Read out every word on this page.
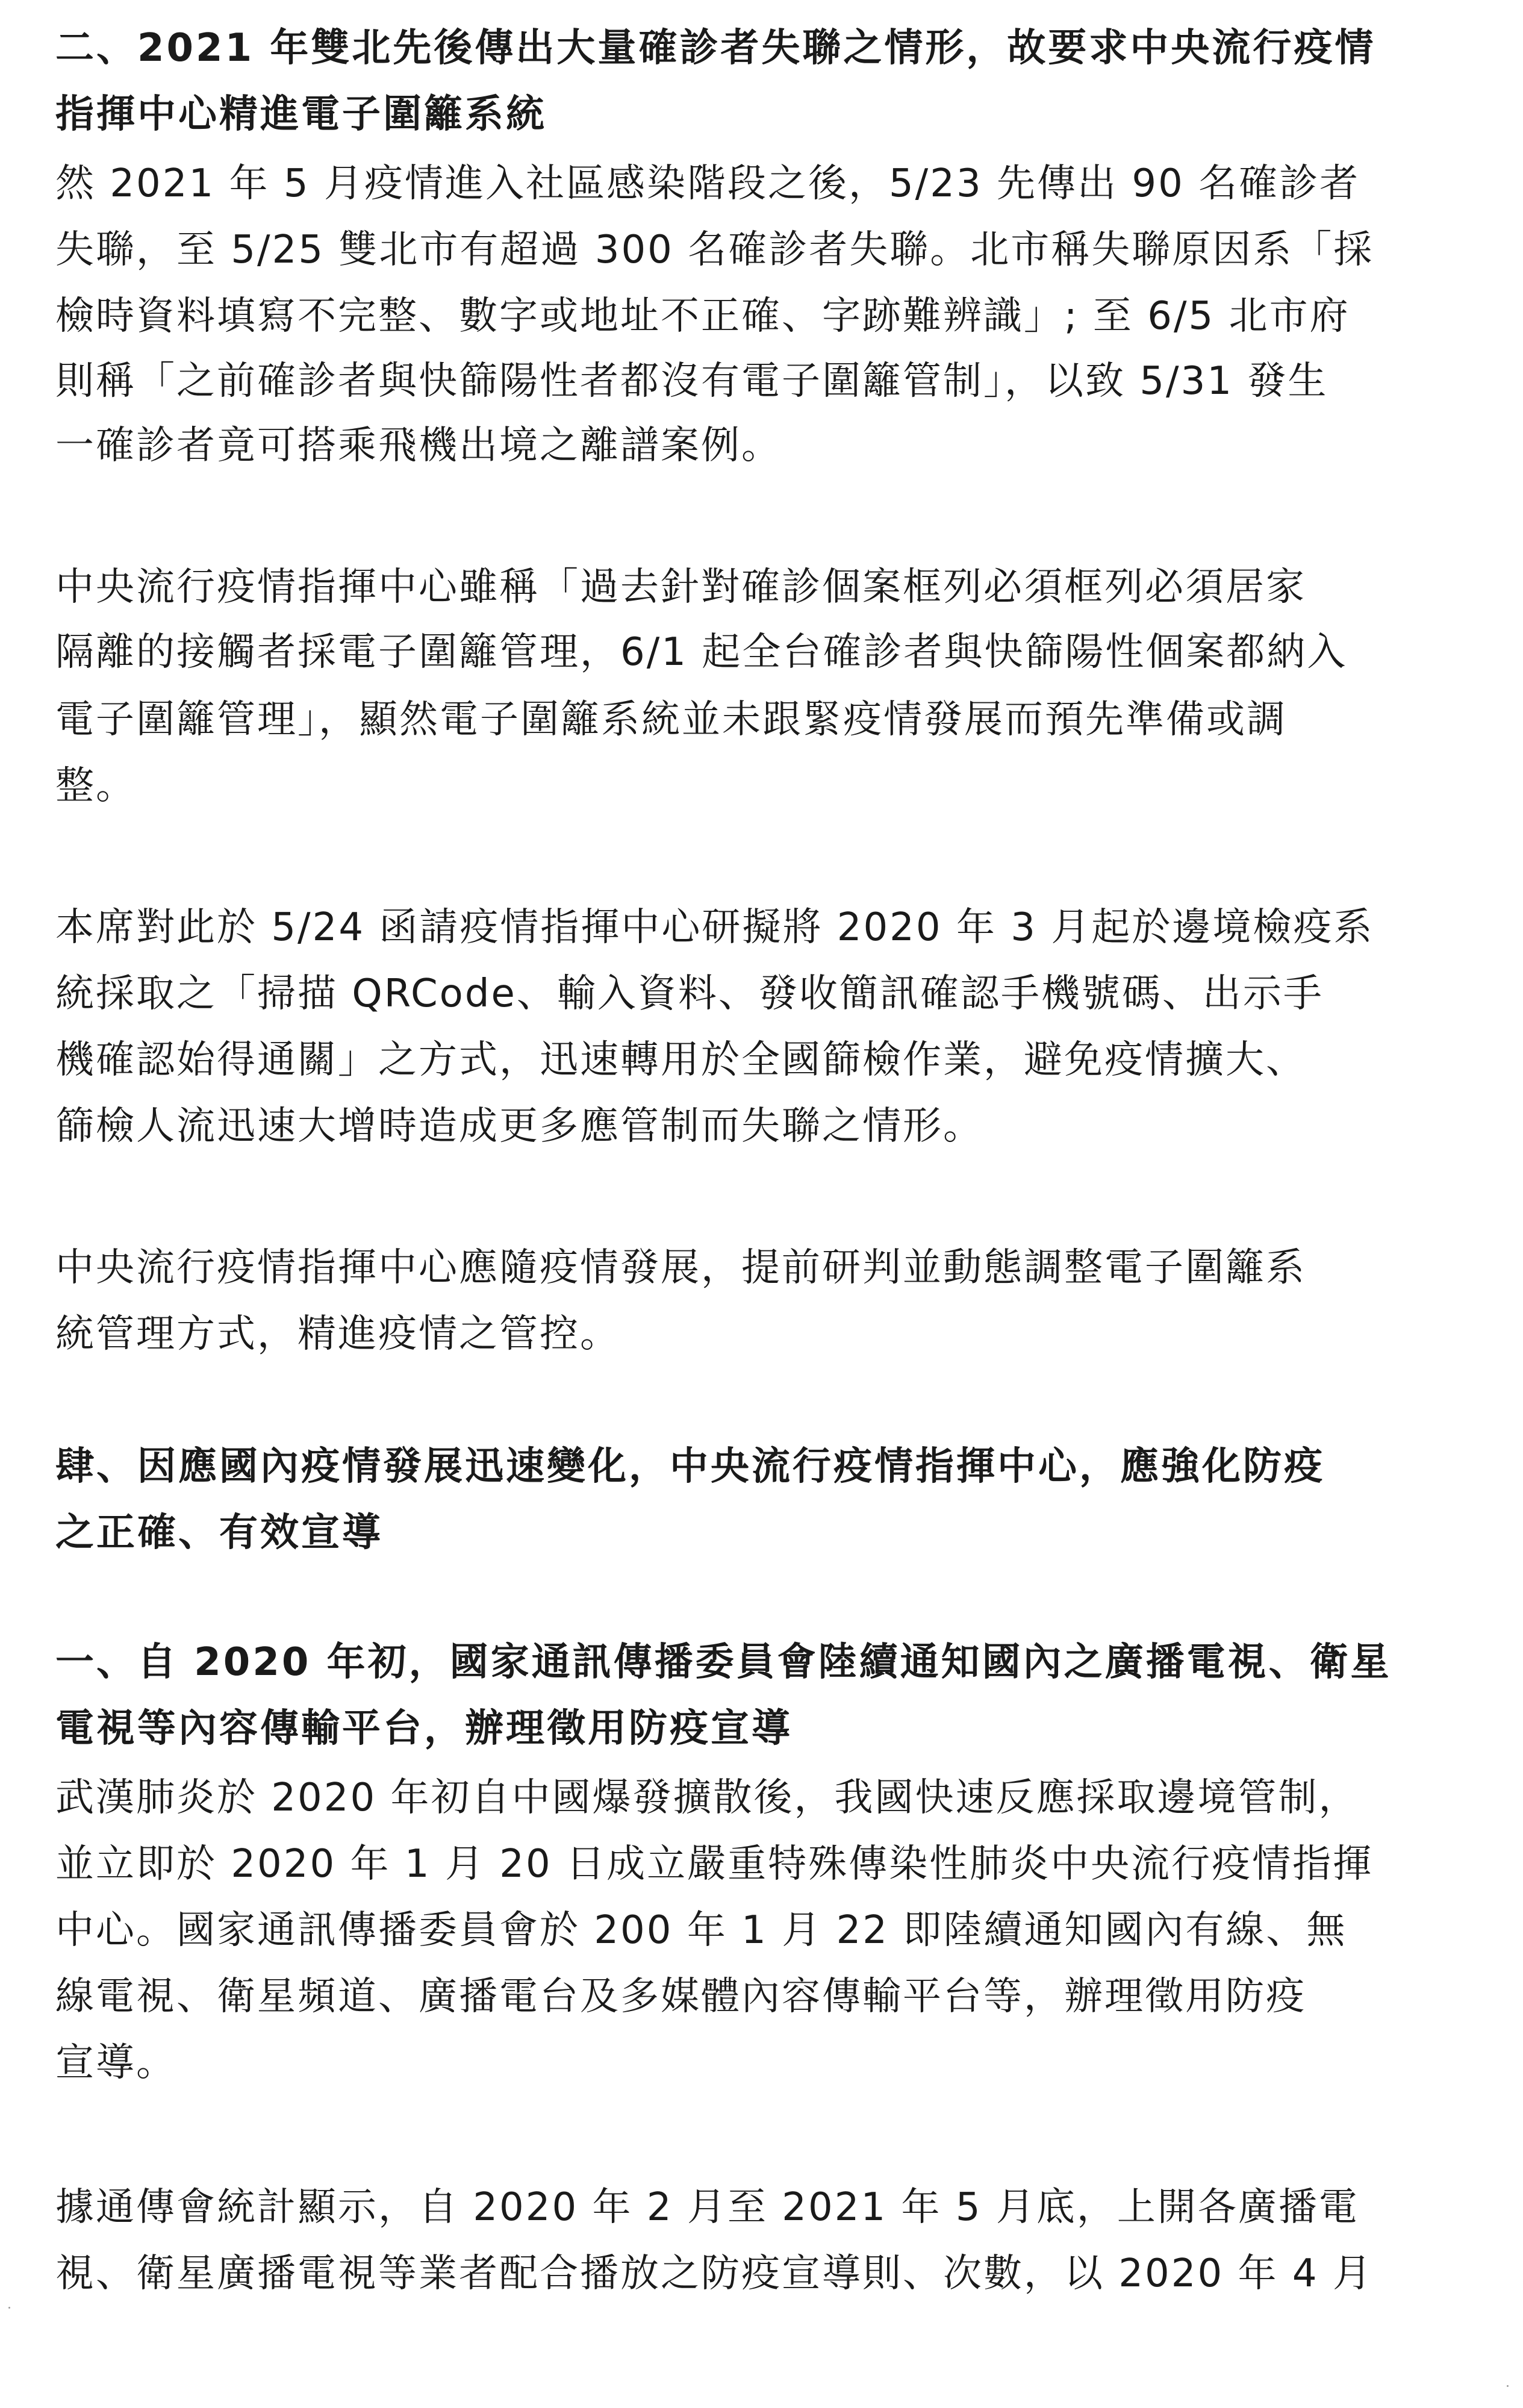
二、2021 年雙北先後傳出大量確診者失聯之情形，故要求中央流行疫情
指揮中心精進電子圍籬系統
然 2021 年 5 月疫情進入社區感染階段之後，5/23 先傳出 90 名確診者
失聯，至 5/25 雙北市有超過 300 名確診者失聯。北市稱失聯原因系「採
檢時資料填寫不完整、數字或地址不正確、字跡難辨識」; 至 6/5 北市府
則稱「之前確診者與快篩陽性者都沒有電子圍籬管制」，以致 5/31 發生
一確診者竟可搭乘飛機出境之離譜案例。
中央流行疫情指揮中心雖稱「過去針對確診個案框列必須框列必須居家
隔離的接觸者採電子圍籬管理，6/1 起全台確診者與快篩陽性個案都納入
電子圍籬管理」，顯然電子圍籬系統並未跟緊疫情發展而預先準備或調
整。
本席對此於 5/24 函請疫情指揮中心研擬將 2020 年 3 月起於邊境檢疫系
統採取之「掃描 QRCode、輸入資料、發收簡訊確認手機號碼、出示手
機確認始得通關」之方式，迅速轉用於全國篩檢作業，避免疫情擴大、
篩檢人流迅速大增時造成更多應管制而失聯之情形。
中央流行疫情指揮中心應隨疫情發展，提前研判並動態調整電子圍籬系
統管理方式，精進疫情之管控。
肆、因應國內疫情發展迅速變化，中央流行疫情指揮中心，應強化防疫
之正確、有效宣導
一、自 2020 年初，國家通訊傳播委員會陸續通知國內之廣播電視、衛星
電視等內容傳輸平台，辦理徵用防疫宣導
武漢肺炎於 2020 年初自中國爆發擴散後，我國快速反應採取邊境管制，
並立即於 2020 年 1 月 20 日成立嚴重特殊傳染性肺炎中央流行疫情指揮
中心。國家通訊傳播委員會於 200 年 1 月 22 即陸續通知國內有線、無
線電視、衛星頻道、廣播電台及多媒體內容傳輸平台等，辦理徵用防疫
宣導。
據通傳會統計顯示，自 2020 年 2 月至 2021 年 5 月底，上開各廣播電
視、衛星廣播電視等業者配合播放之防疫宣導則、次數，以 2020 年 4 月
